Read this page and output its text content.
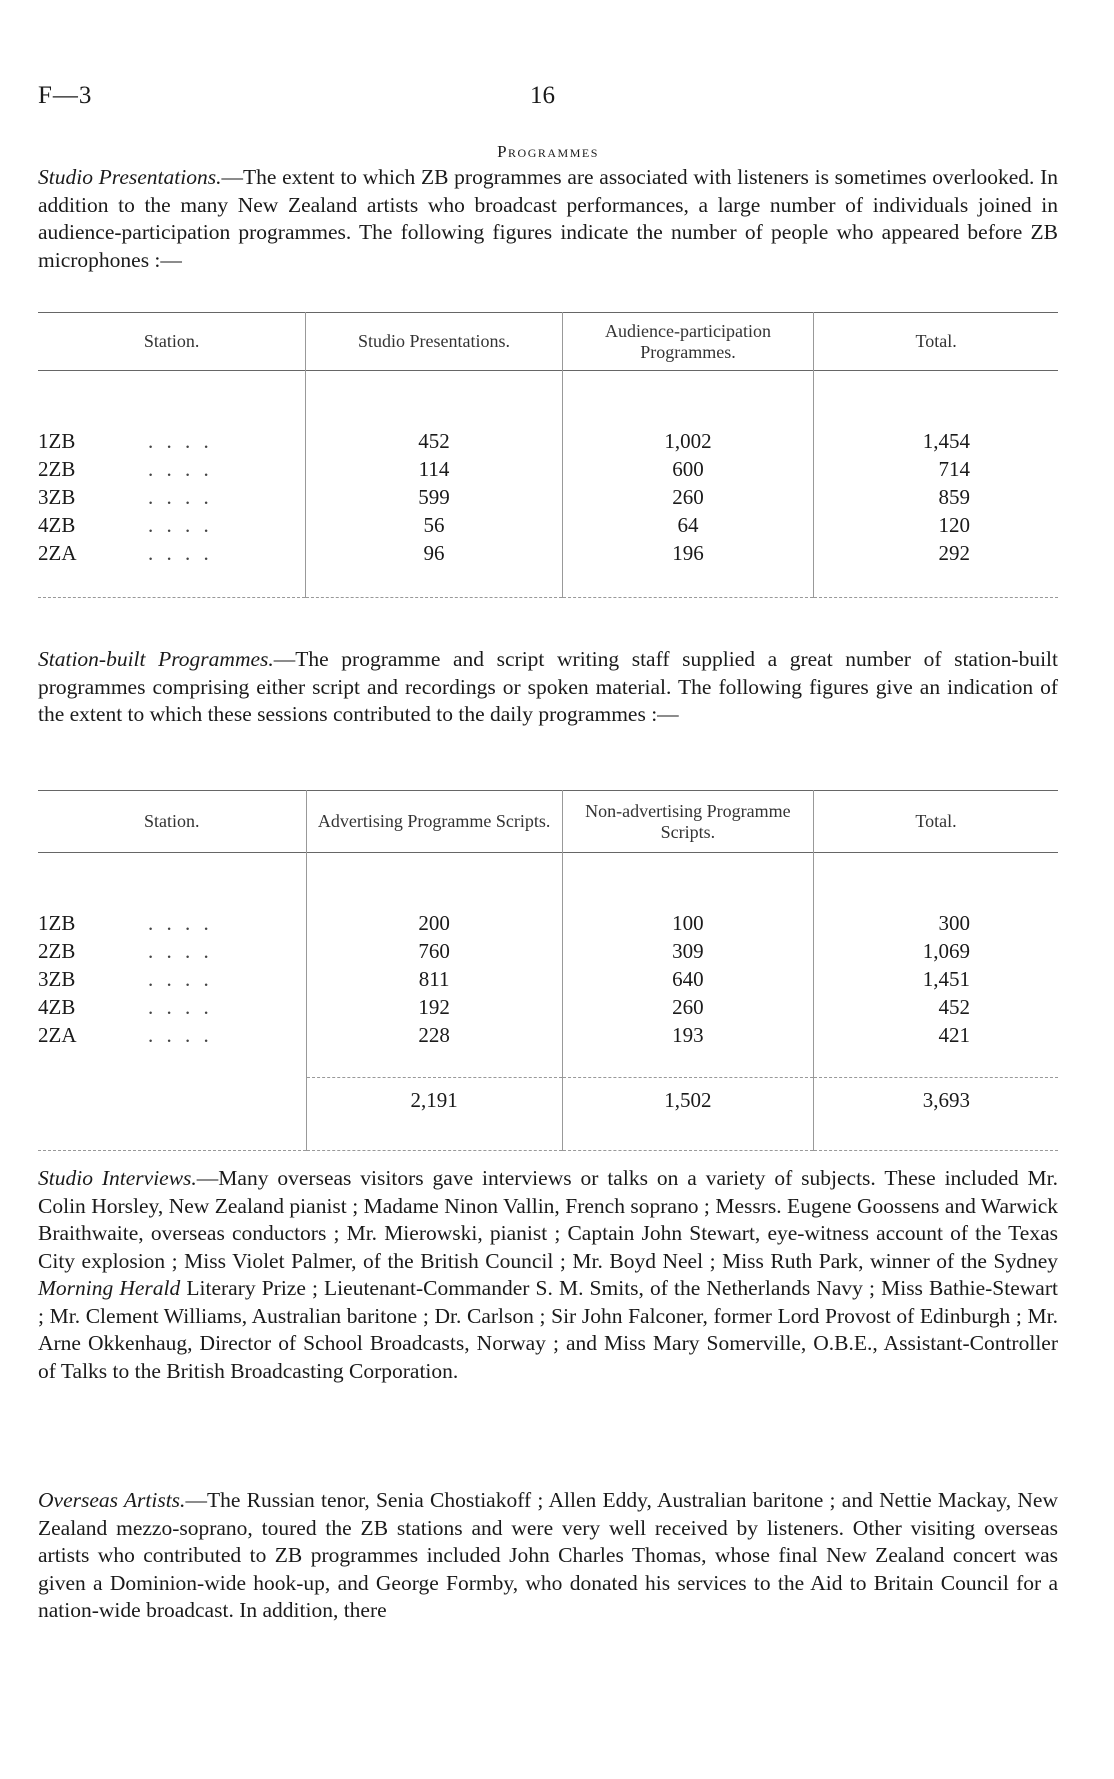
F—3	16
Programmes
Studio Presentations.—The extent to which ZB programmes are associated with listeners is sometimes overlooked. In addition to the many New Zealand artists who broadcast performances, a large number of individuals joined in audience-participation programmes. The following figures indicate the number of people who appeared before ZB microphones :—
Station.	Studio Presentations.	Audience-participation Programmes.	Total.

1ZB . . . .	452	1,002	1,454
2ZB . . . .	114	600	714
3ZB . . . .	599	260	859
4ZB . . . .	56	64	120
2ZA . . . .	96	196	292

Station-built Programmes.—The programme and script writing staff supplied a great number of station-built programmes comprising either script and recordings or spoken material. The following figures give an indication of the extent to which these sessions contributed to the daily programmes :—
Station.	Advertising Programme Scripts.	Non-advertising Programme Scripts.	Total.

1ZB . . . .	200	100	300
2ZB . . . .	760	309	1,069
3ZB . . . .	811	640	1,451
4ZB . . . .	192	260	452
2ZA . . . .	228	193	421

	2,191	1,502	3,693

Studio Interviews.—Many overseas visitors gave interviews or talks on a variety of subjects. These included Mr. Colin Horsley, New Zealand pianist ; Madame Ninon Vallin, French soprano ; Messrs. Eugene Goossens and Warwick Braithwaite, overseas conductors ; Mr. Mierowski, pianist ; Captain John Stewart, eye-witness account of the Texas City explosion ; Miss Violet Palmer, of the British Council ; Mr. Boyd Neel ; Miss Ruth Park, winner of the Sydney Morning Herald Literary Prize ; Lieutenant-Commander S. M. Smits, of the Netherlands Navy ; Miss Bathie-Stewart ; Mr. Clement Williams, Australian baritone ; Dr. Carlson ; Sir John Falconer, former Lord Provost of Edinburgh ; Mr. Arne Okkenhaug, Director of School Broadcasts, Norway ; and Miss Mary Somerville, O.B.E., Assistant-Controller of Talks to the British Broadcasting Corporation.
Overseas Artists.—The Russian tenor, Senia Chostiakoff ; Allen Eddy, Australian baritone ; and Nettie Mackay, New Zealand mezzo-soprano, toured the ZB stations and were very well received by listeners. Other visiting overseas artists who contributed to ZB programmes included John Charles Thomas, whose final New Zealand concert was given a Dominion-wide hook-up, and George Formby, who donated his services to the Aid to Britain Council for a nation-wide broadcast. In addition, there
